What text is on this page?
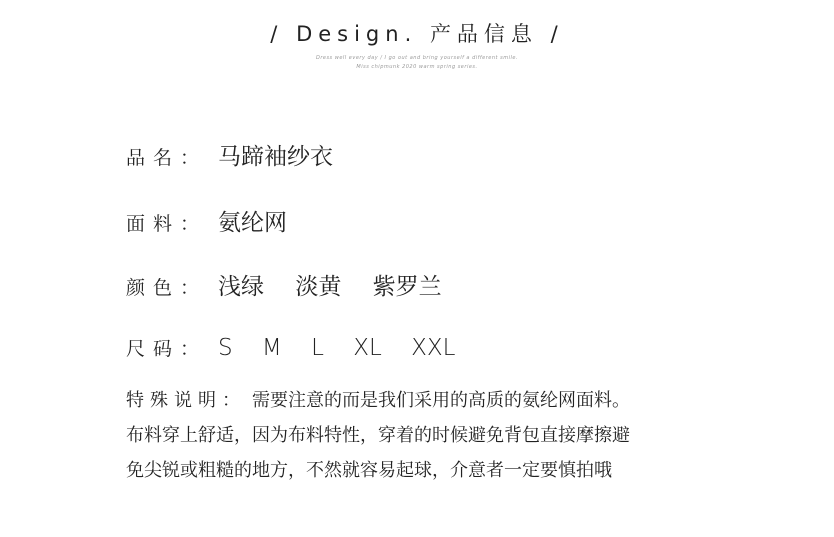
/ Design. 产品信息 /
Dress well every day / I go out and bring yourself a different smile.
Miss chipmunk 2020 warm spring series.
品名： 马蹄袖纱衣
面料： 氨纶网
颜色： 浅绿 淡黄 紫罗兰
尺码： S M L XL XXL
特殊说明： 需要注意的而是我们采用的高质的氨纶网面料。
布料穿上舒适，因为布料特性，穿着的时候避免背包直接摩擦避
免尖锐或粗糙的地方，不然就容易起球，介意者一定要慎拍哦
